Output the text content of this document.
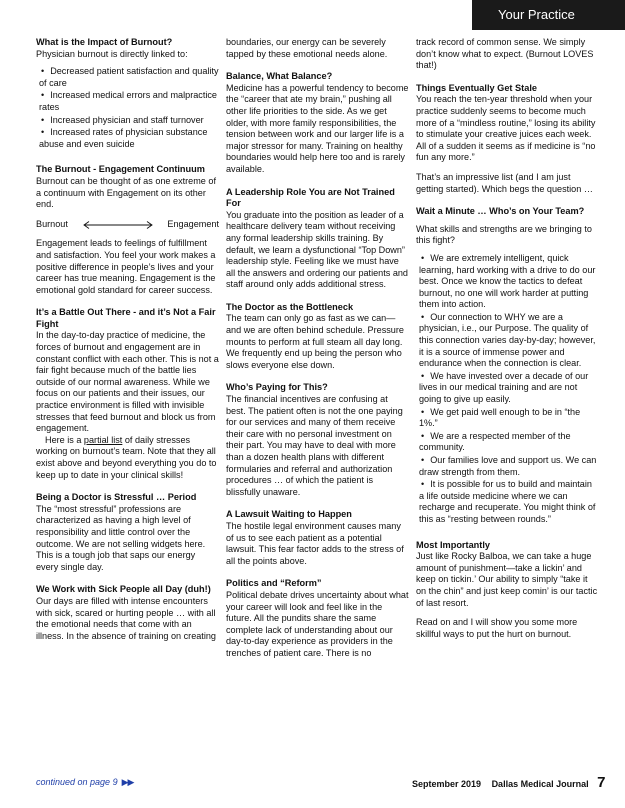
Your Practice
What is the Impact of Burnout?

Physician burnout is directly linked to:

• Decreased patient satisfaction and quality of care
• Increased medical errors and malpractice rates
• Increased physician and staff turnover
• Increased rates of physician substance abuse and even suicide
The Burnout - Engagement Continuum

Burnout can be thought of as one extreme of a continuum with Engagement on its other end.

Burnout	Engagement

Engagement leads to feelings of fulfillment and satisfaction. You feel your work makes a positive difference in people’s lives and your career has true meaning. Engagement is the emotional gold standard for career success.

It’s a Battle Out There - and it’s Not a Fair Fight

In the day-to-day practice of medicine, the forces of burnout and engagement are in constant conflict with each other. This is not a fair fight because much of the battle lies outside of our normal awareness. While we focus on our patients and their issues, our practice environment is filled with invisible stresses that feed burnout and block us from engagement.

Here is a partial list of daily stresses working on burnout’s team. Note that they all exist above and beyond everything you do to keep up to date in your clinical skills!

Being a Doctor is Stressful … Period

The “most stressful” professions are characterized as having a high level of responsibility and little control over the outcome. We are not selling widgets here. This is a tough job that saps our energy every single day.

We Work with Sick People all Day (duh!)

Our days are filled with intense encounters with sick, scared or hurting people … with all the emotional needs that come with an illness. In the absence of training on creating

boundaries, our energy can be severely tapped by these emotional needs alone.

Balance, What Balance?

Medicine has a powerful tendency to become the “career that ate my brain,” pushing all other life priorities to the side. As we get older, with more family responsibilities, the tension between work and our larger life is a major stressor for many. Training on healthy boundaries would help here too and is rarely available.

A Leadership Role You are Not Trained For

You graduate into the position as leader of a healthcare delivery team without receiving any formal leadership skills training. By default, we learn a dysfunctional “Top Down” leadership style. Feeling like we must have all the answers and ordering our patients and staff around only adds additional stress.

The Doctor as the Bottleneck

The team can only go as fast as we can—and we are often behind schedule. Pressure mounts to perform at full steam all day long. We frequently end up being the person who slows everyone else down.

Who’s Paying for This?

The financial incentives are confusing at best. The patient often is not the one paying for our services and many of them receive their care with no personal investment on their part. You may have to deal with more than a dozen health plans with different formularies and referral and authorization procedures … of which the patient is blissfully unaware.

A Lawsuit Waiting to Happen

The hostile legal environment causes many of us to see each patient as a potential lawsuit. This fear factor adds to the stress of all the points above.

Politics and “Reform”

Political debate drives uncertainty about what your career will look and feel like in the future. All the pundits share the same complete lack of understanding about our day-to-day experience as providers in the trenches of patient care. There is no

track record of common sense. We simply don’t know what to expect. (Burnout LOVES that!)

Things Eventually Get Stale

You reach the ten-year threshold when your practice suddenly seems to become much more of a “mindless routine,” losing its ability to stimulate your creative juices each week. All of a sudden it seems as if medicine is “no fun any more.”

That’s an impressive list (and I am just getting started). Which begs the question …

Wait a Minute … Who’s on Your Team?

What skills and strengths are we bringing to this fight?

• We are extremely intelligent, quick learning, hard working with a drive to do our best. Once we know the tactics to defeat burnout, no one will work harder at putting them into action.
• Our connection to WHY we are a physician, i.e., our Purpose. The quality of this connection varies day-by-day; however, it is a source of immense power and endurance when the connection is clear.
• We have invested over a decade of our lives in our medical training and are not going to give up easily.
• We get paid well enough to be in “the 1%.”
• We are a respected member of the community.
• Our families love and support us. We can draw strength from them.
• It is possible for us to build and maintain a life outside medicine where we can recharge and recuperate. You might think of this as “resting between rounds.”
Most Importantly

Just like Rocky Balboa, we can take a huge amount of punishment—take a lickin’ and keep on tickin.’ Our ability to simply “take it on the chin” and just keep comin’ is our tactic of last resort.

Read on and I will show you some more skillful ways to put the hurt on burnout.

continued on page 9 ▶▶	September 2019 Dallas Medical Journal 7
